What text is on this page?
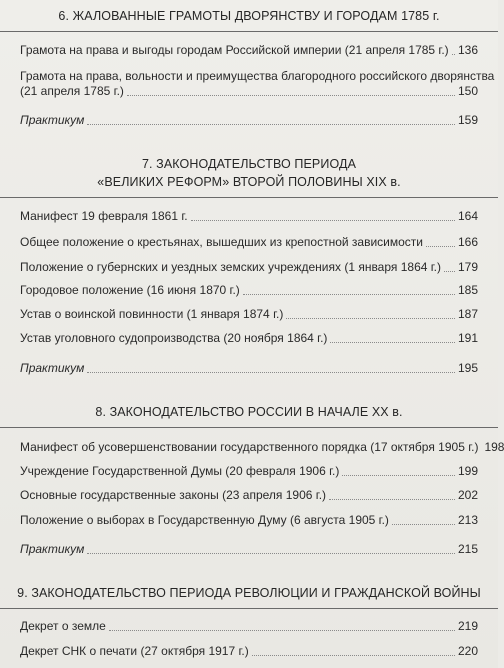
6. ЖАЛОВАННЫЕ ГРАМОТЫ ДВОРЯНСТВУ И ГОРОДАМ 1785 г.
Грамота на права и выгоды городам Российской империи (21 апреля 1785 г.) 136
Грамота на права, вольности и преимущества благородного российского дворянства
(21 апреля 1785 г.)	150
Практикум	159
7. ЗАКОНОДАТЕЛЬСТВО ПЕРИОДА
«ВЕЛИКИХ РЕФОРМ» ВТОРОЙ ПОЛОВИНЫ XIX в.
Манифест 19 февраля 1861 г.	164
Общее положение о крестьянах, вышедших из крепостной зависимости	166
Положение о губернских и уездных земских учреждениях (1 января 1864 г.) 179
Городовое положение (16 июня 1870 г.)	185
Устав о воинской повинности (1 января 1874 г.)	187
Устав уголовного судопроизводства (20 ноября 1864 г.)	191
Практикум	195
8. ЗАКОНОДАТЕЛЬСТВО РОССИИ В НАЧАЛЕ XX в.
Манифест об усовершенствовании государственного порядка (17 октября 1905 г.) 198
Учреждение Государственной Думы (20 февраля 1906 г.)	199
Основные государственные законы (23 апреля 1906 г.)	202
Положение о выборах в Государственную Думу (6 августа 1905 г.)	213
Практикум	215
9. ЗАКОНОДАТЕЛЬСТВО ПЕРИОДА РЕВОЛЮЦИИ И ГРАЖДАНСКОЙ ВОЙНЫ
Декрет о земле	219
Декрет СНК о печати (27 октября 1917 г.)	220
